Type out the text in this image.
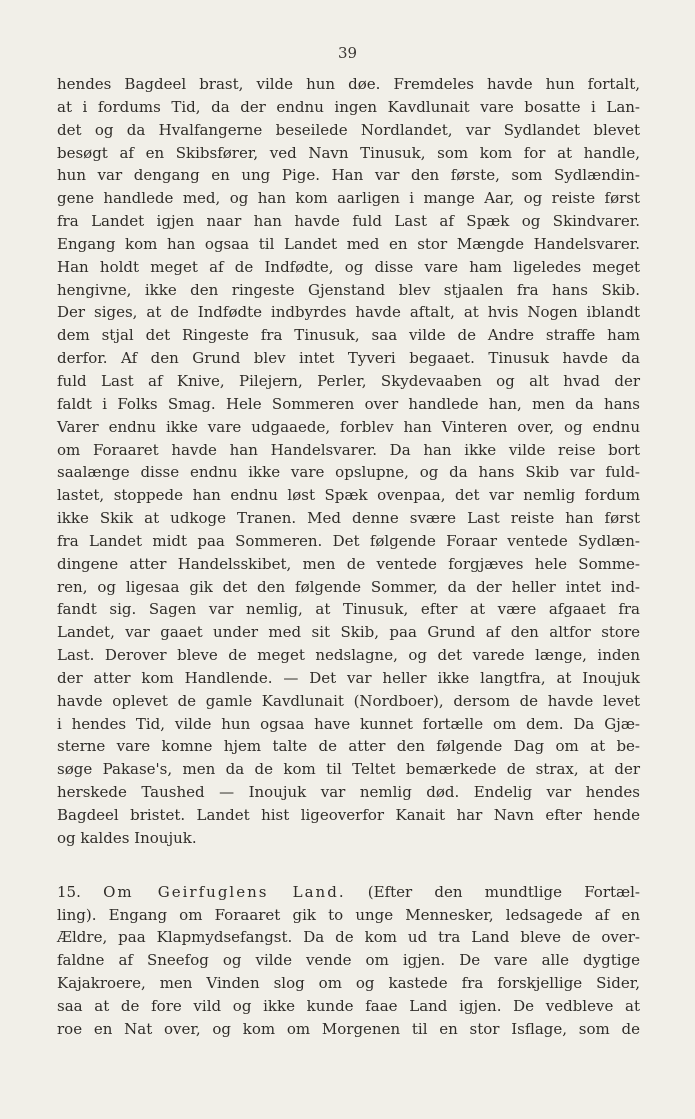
39
hendes Bagdeel brast, vilde hun døe. Fremdeles havde hun fortalt,
at i fordums Tid, da der endnu ingen Kavdlunait vare bosatte i Lan-
det og da Hvalfangerne beseilede Nordlandet, var Sydlandet blevet
besøgt af en Skibsfører, ved Navn Tinusuk, som kom for at handle,
hun var dengang en ung Pige. Han var den første, som Sydlændin-
gene handlede med, og han kom aarligen i mange Aar, og reiste først
fra Landet igjen naar han havde fuld Last af Spæk og Skindvarer.
Engang kom han ogsaa til Landet med en stor Mængde Handelsvarer.
Han holdt meget af de Indfødte, og disse vare ham ligeledes meget
hengivne, ikke den ringeste Gjenstand blev stjaalen fra hans Skib.
Der siges, at de Indfødte indbyrdes havde aftalt, at hvis Nogen iblandt
dem stjal det Ringeste fra Tinusuk, saa vilde de Andre straffe ham
derfor. Af den Grund blev intet Tyveri begaaet. Tinusuk havde da
fuld Last af Knive, Pilejern, Perler, Skydevaaben og alt hvad der
faldt i Folks Smag. Hele Sommeren over handlede han, men da hans
Varer endnu ikke vare udgaaede, forblev han Vinteren over, og endnu
om Foraaret havde han Handelsvarer. Da han ikke vilde reise bort
saalænge disse endnu ikke vare opslupne, og da hans Skib var fuld-
lastet, stoppede han endnu løst Spæk ovenpaa, det var nemlig fordum
ikke Skik at udkoge Tranen. Med denne svære Last reiste han først
fra Landet midt paa Sommeren. Det følgende Foraar ventede Sydlæn-
dingene atter Handelsskibet, men de ventede forgjæves hele Somme-
ren, og ligesaa gik det den følgende Sommer, da der heller intet ind-
fandt sig. Sagen var nemlig, at Tinusuk, efter at være afgaaet fra
Landet, var gaaet under med sit Skib, paa Grund af den altfor store
Last. Derover bleve de meget nedslagne, og det varede længe, inden
der atter kom Handlende. — Det var heller ikke langtfra, at Inoujuk
havde oplevet de gamle Kavdlunait (Nordboer), dersom de havde levet
i hendes Tid, vilde hun ogsaa have kunnet fortælle om dem. Da Gjæ-
sterne vare komne hjem talte de atter den følgende Dag om at be-
søge Pakase's, men da de kom til Teltet bemærkede de strax, at der
herskede Taushed — Inoujuk var nemlig død. Endelig var hendes
Bagdeel bristet. Landet hist ligeoverfor Kanait har Navn efter hende
og kaldes Inoujuk.
15. Om Geirfuglens Land. (Efter den mundtlige Fortæl-
ling). Engang om Foraaret gik to unge Mennesker, ledsagede af en
Ældre, paa Klapmydsefangst. Da de kom ud tra Land bleve de over-
faldne af Sneefog og vilde vende om igjen. De vare alle dygtige
Kajakroere, men Vinden slog om og kastede fra forskjellige Sider,
saa at de fore vild og ikke kunde faae Land igjen. De vedbleve at
roe en Nat over, og kom om Morgenen til en stor Isflage, som de
